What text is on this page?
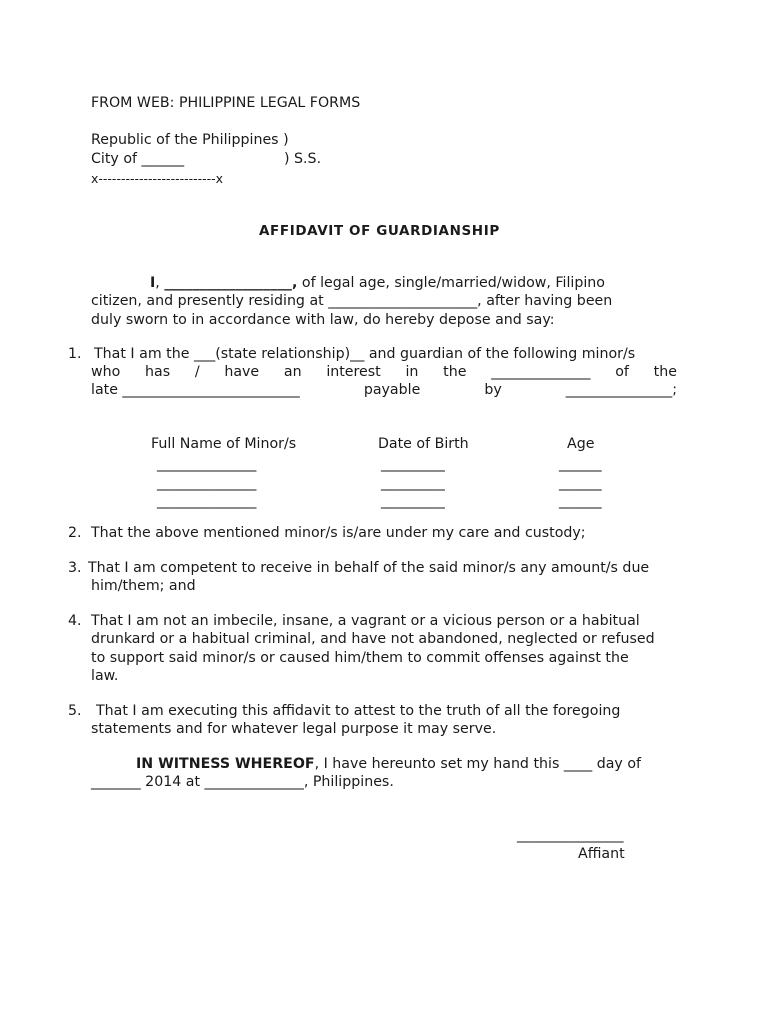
FROM WEB: PHILIPPINE LEGAL FORMS
Republic of the Philippines )
City of ______	) S.S.
x--------------------------x
AFFIDAVIT OF GUARDIANSHIP
I, __________________, of legal age, single/married/widow, Filipino
citizen, and presently residing at _____________________, after having been
duly sworn to in accordance with law, do hereby depose and say:
1. That I am the ___(state relationship)__ and guardian of the following minor/s
who has / have an interest in the ______________ of the
late _________________________	payable	by	_______________;
Full Name of Minor/s	Date of Birth	Age
______________	_________	______
______________	_________	______
______________	_________	______
2. That the above mentioned minor/s is/are under my care and custody;
3. That I am competent to receive in behalf of the said minor/s any amount/s due
him/them; and
4. That I am not an imbecile, insane, a vagrant or a vicious person or a habitual
drunkard or a habitual criminal, and have not abandoned, neglected or refused
to support said minor/s or caused him/them to commit offenses against the
law.
5. That I am executing this affidavit to attest to the truth of all the foregoing
statements and for whatever legal purpose it may serve.
IN WITNESS WHEREOF, I have hereunto set my hand this ____ day of
_______ 2014 at ______________, Philippines.
_______________
Affiant
